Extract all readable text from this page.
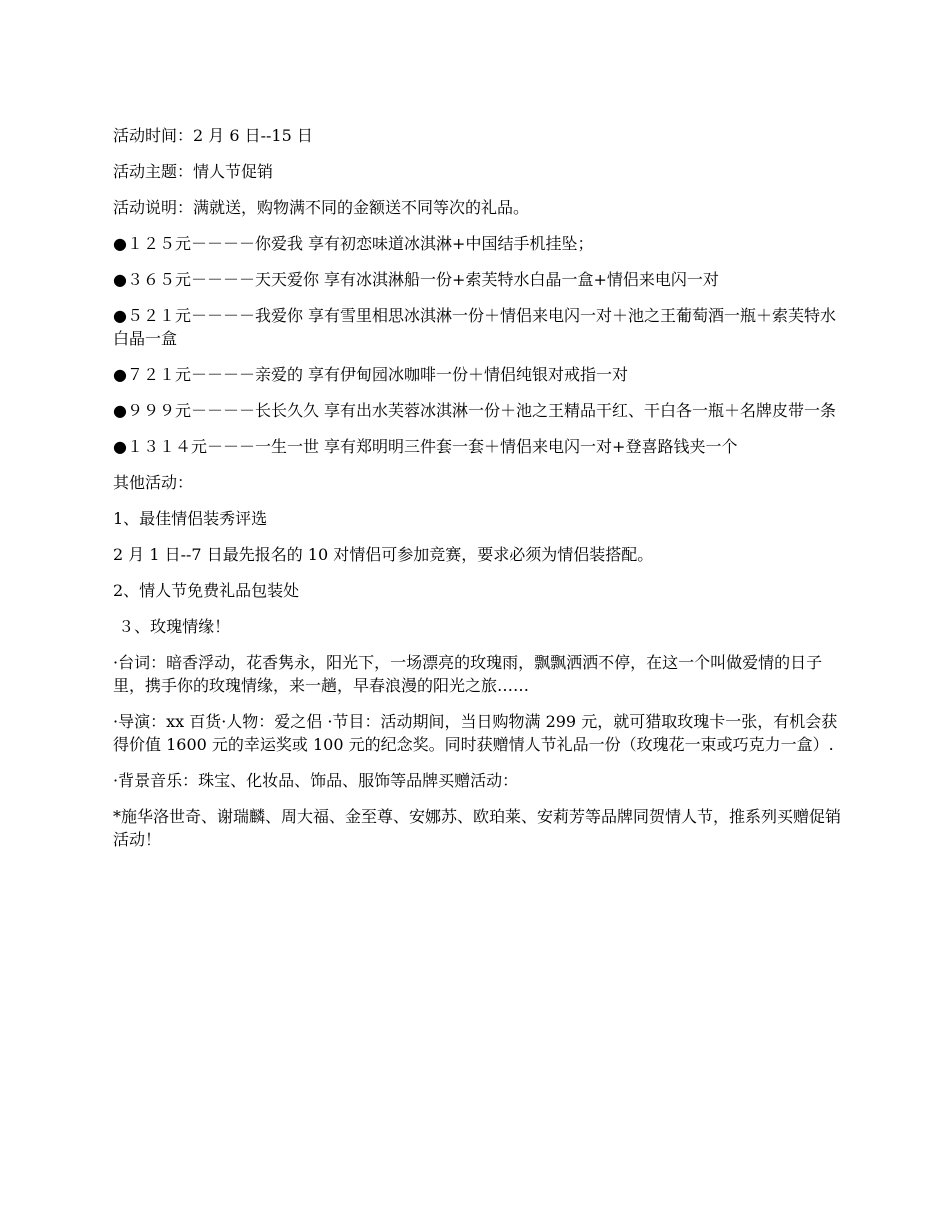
活动时间：2 月 6 日--15 日

活动主题：情人节促销

活动说明：满就送，购物满不同的金额送不同等次的礼品。

●１２５元－－－－你爱我 享有初恋味道冰淇淋+中国结手机挂坠；

●３６５元－－－－天天爱你 享有冰淇淋船一份+索芙特水白晶一盒+情侣来电闪一对

●５２１元－－－－我爱你 享有雪里相思冰淇淋一份＋情侣来电闪一对＋池之王葡萄酒一瓶＋索芙特水白晶一盒

●７２１元－－－－亲爱的 享有伊甸园冰咖啡一份＋情侣纯银对戒指一对

●９９９元－－－－长长久久 享有出水芙蓉冰淇淋一份＋池之王精品干红、干白各一瓶＋名牌皮带一条

●１３１４元－－－一生一世 享有郑明明三件套一套＋情侣来电闪一对+登喜路钱夹一个

其他活动：

1、最佳情侣装秀评选

2 月 1 日--7 日最先报名的 10 对情侣可参加竞赛，要求必须为情侣装搭配。

2、情人节免费礼品包装处

３、玫瑰情缘！

·台词：暗香浮动，花香隽永，阳光下，一场漂亮的玫瑰雨，飘飘洒洒不停，在这一个叫做爱情的日子里，携手你的玫瑰情缘，来一趟，早春浪漫的阳光之旅……

·导演：xx 百货·人物：爱之侣 ·节目：活动期间，当日购物满 299 元，就可猎取玫瑰卡一张，有机会获得价值 1600 元的幸运奖或 100 元的纪念奖。同时获赠情人节礼品一份（玫瑰花一束或巧克力一盒）.

·背景音乐：珠宝、化妆品、饰品、服饰等品牌买赠活动：

*施华洛世奇、谢瑞麟、周大福、金至尊、安娜苏、欧珀莱、安莉芳等品牌同贺情人节，推系列买赠促销活动！
